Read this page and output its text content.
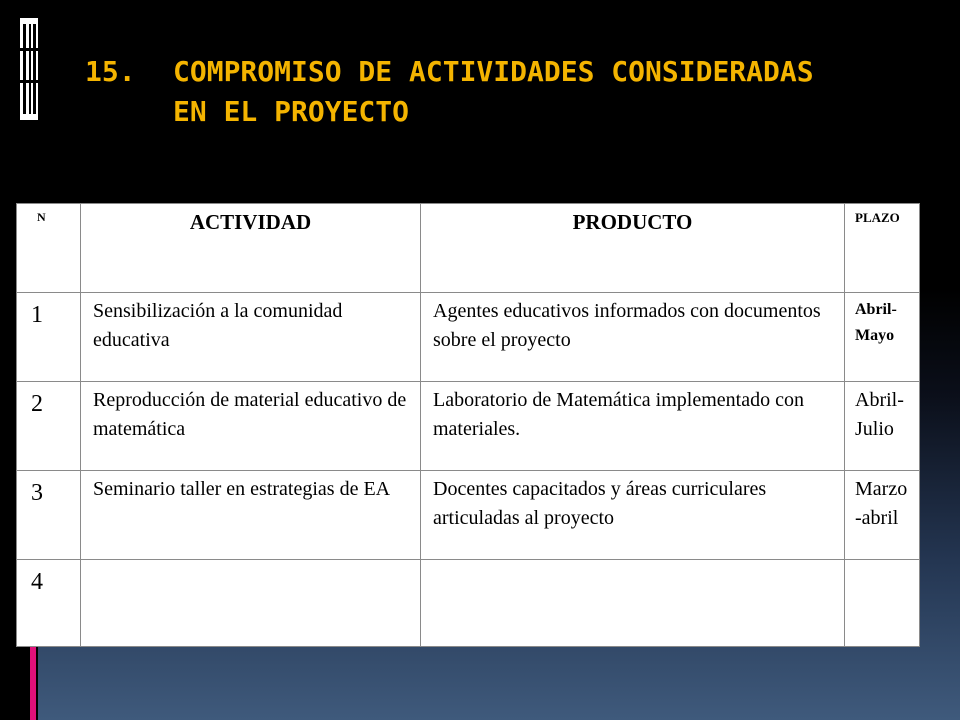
15. COMPROMISO DE ACTIVIDADES CONSIDERADAS
EN EL PROYECTO
N	ACTIVIDAD	PRODUCTO	PLAZO
1	Sensibilización a la comunidad educativa	Agentes educativos informados con documentos sobre el proyecto	Abril-Mayo
2	Reproducción de material educativo de matemática	Laboratorio de Matemática implementado con materiales.	Abril-Julio
3	Seminario taller en estrategias de EA	Docentes capacitados y áreas curriculares articuladas al proyecto	Marzo -abril
4			
